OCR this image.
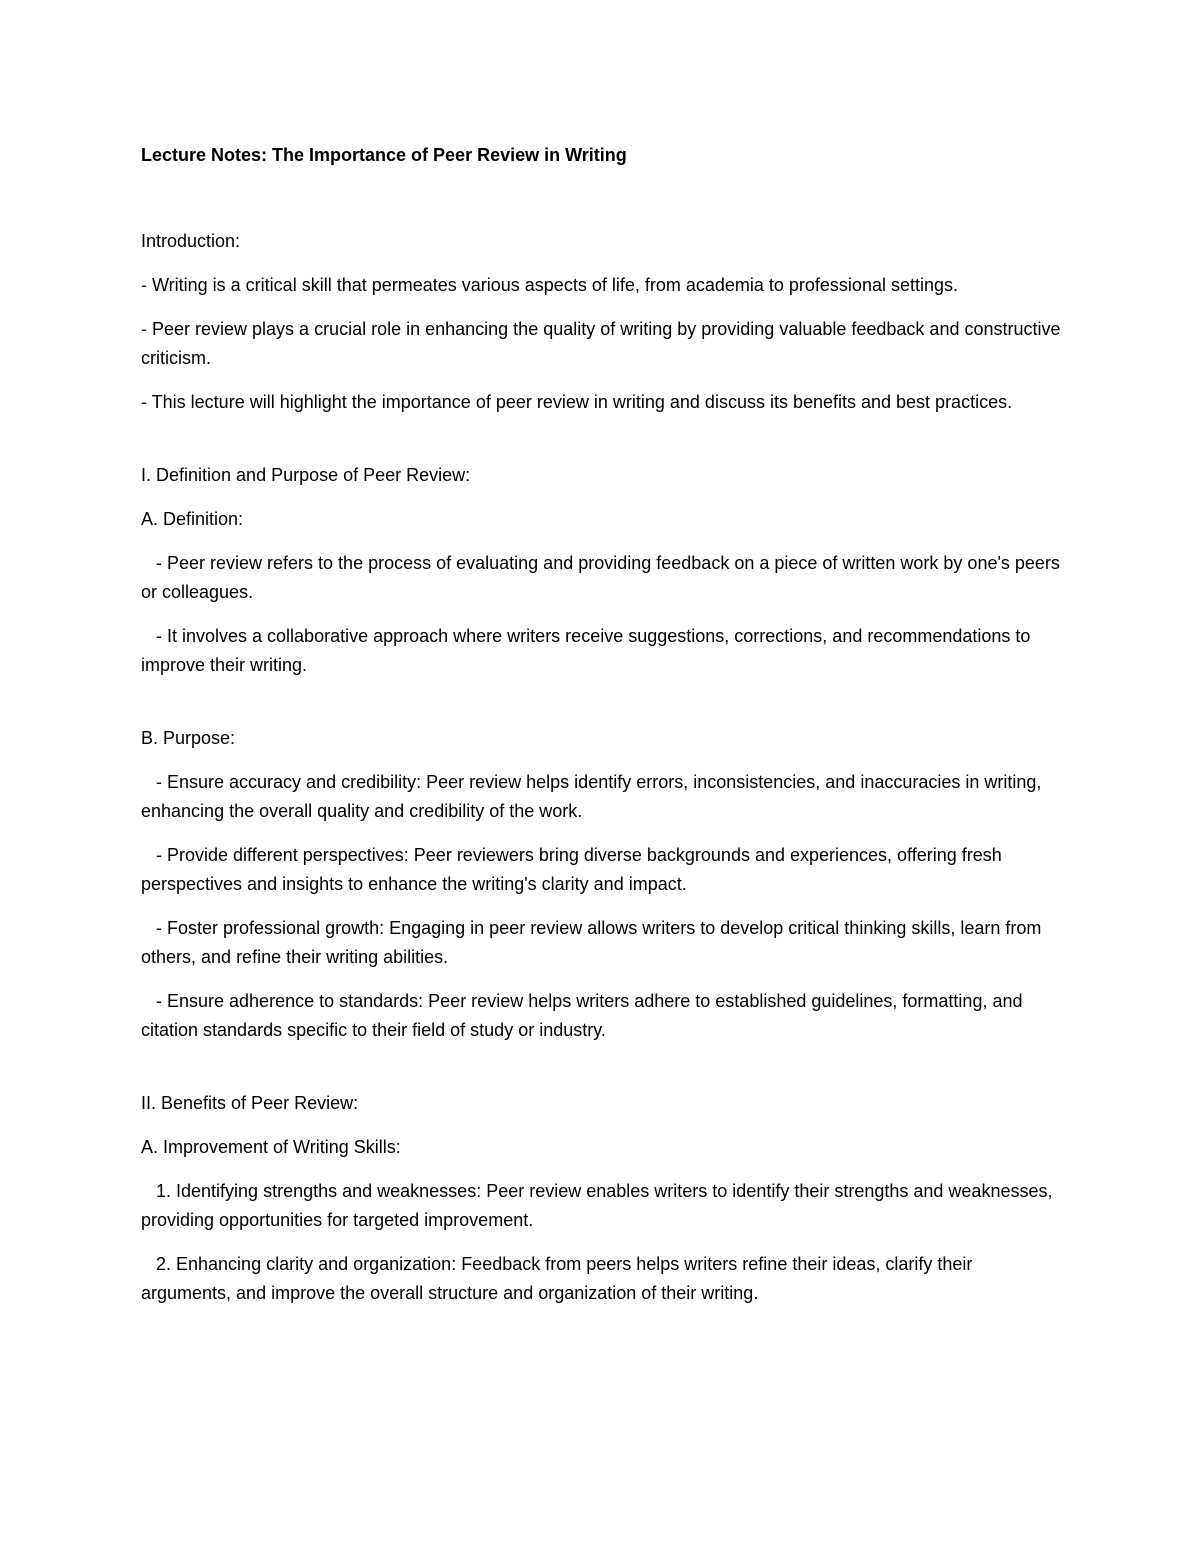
Lecture Notes: The Importance of Peer Review in Writing

Introduction:

- Writing is a critical skill that permeates various aspects of life, from academia to professional settings.

- Peer review plays a crucial role in enhancing the quality of writing by providing valuable feedback and constructive criticism.

- This lecture will highlight the importance of peer review in writing and discuss its benefits and best practices.

I. Definition and Purpose of Peer Review:

A. Definition:

- Peer review refers to the process of evaluating and providing feedback on a piece of written work by one's peers or colleagues.

- It involves a collaborative approach where writers receive suggestions, corrections, and recommendations to improve their writing.

B. Purpose:

- Ensure accuracy and credibility: Peer review helps identify errors, inconsistencies, and inaccuracies in writing, enhancing the overall quality and credibility of the work.

- Provide different perspectives: Peer reviewers bring diverse backgrounds and experiences, offering fresh perspectives and insights to enhance the writing's clarity and impact.

- Foster professional growth: Engaging in peer review allows writers to develop critical thinking skills, learn from others, and refine their writing abilities.

- Ensure adherence to standards: Peer review helps writers adhere to established guidelines, formatting, and citation standards specific to their field of study or industry.

II. Benefits of Peer Review:

A. Improvement of Writing Skills:

1. Identifying strengths and weaknesses: Peer review enables writers to identify their strengths and weaknesses, providing opportunities for targeted improvement.

2. Enhancing clarity and organization: Feedback from peers helps writers refine their ideas, clarify their arguments, and improve the overall structure and organization of their writing.
